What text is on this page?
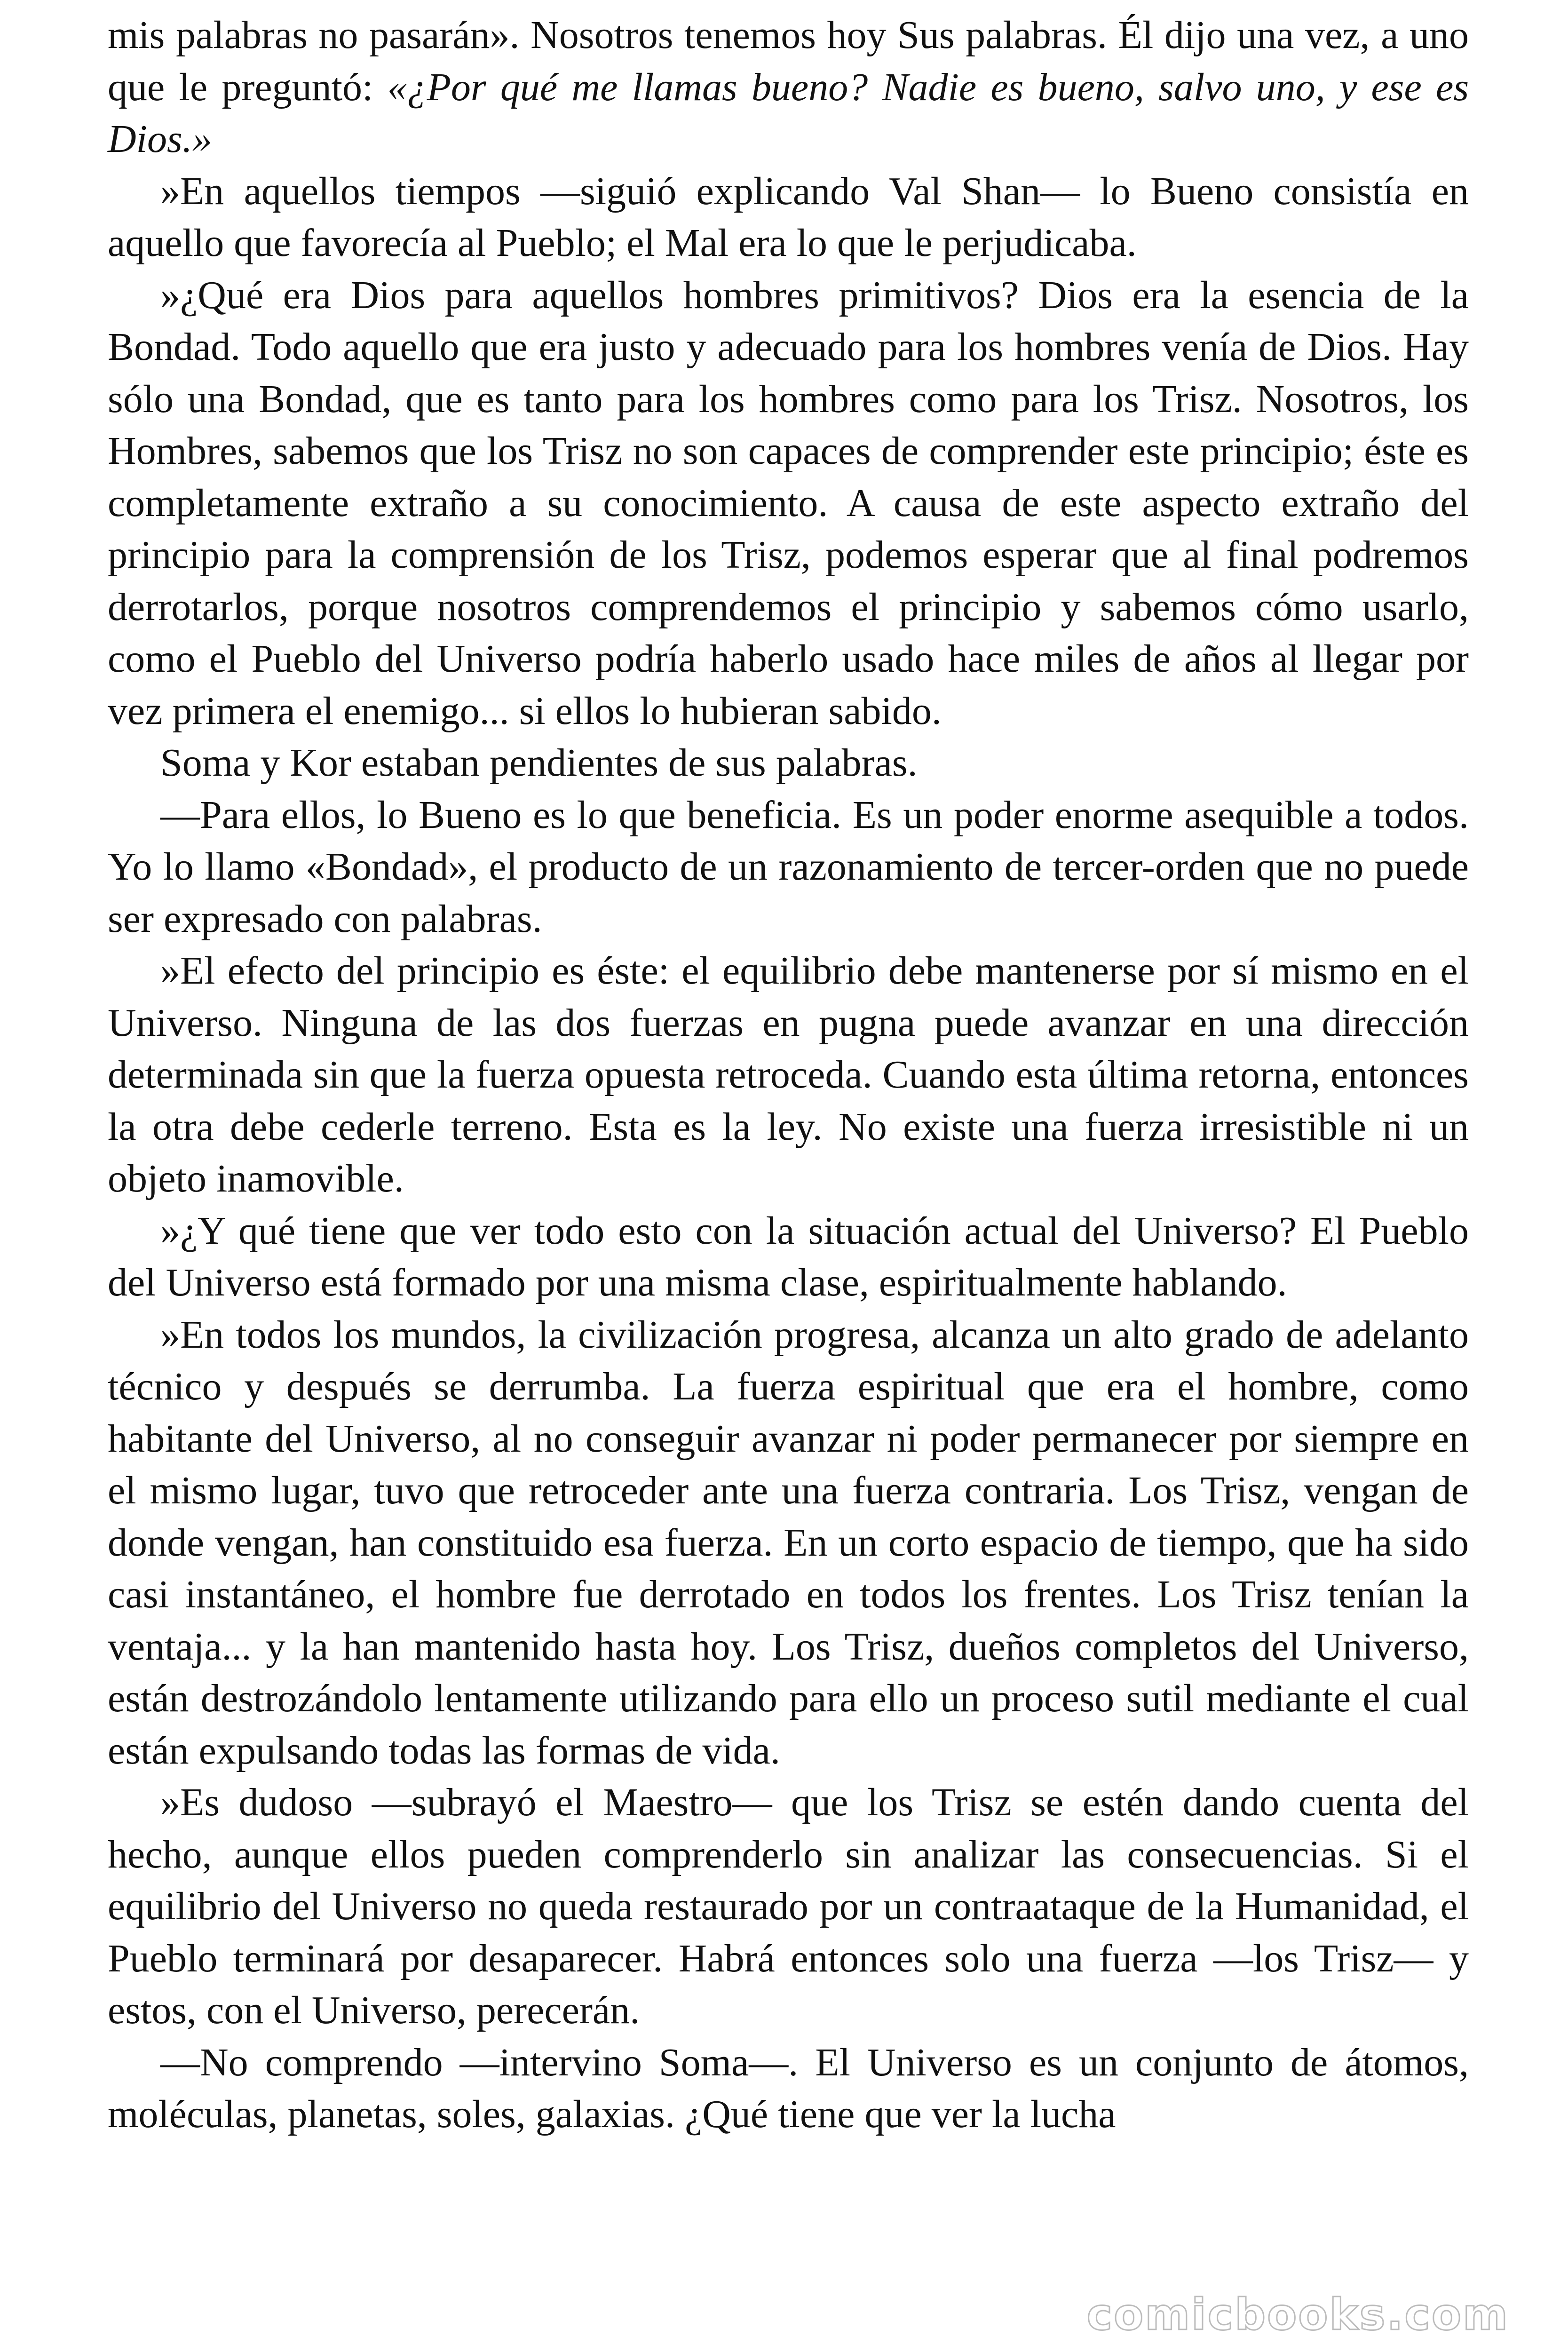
mis palabras no pasarán». Nosotros tenemos hoy Sus palabras. Él dijo una vez, a uno que le preguntó: «¿Por qué me llamas bueno? Nadie es bueno, salvo uno, y ese es Dios.»

»En aquellos tiempos —siguió explicando Val Shan— lo Bueno consistía en aquello que favorecía al Pueblo; el Mal era lo que le perjudicaba.

»¿Qué era Dios para aquellos hombres primitivos? Dios era la esencia de la Bondad. Todo aquello que era justo y adecuado para los hombres venía de Dios. Hay sólo una Bondad, que es tanto para los hombres como para los Trisz. Nosotros, los Hombres, sabemos que los Trisz no son capaces de comprender este principio; éste es completamente extraño a su conocimiento. A causa de este aspecto extraño del principio para la comprensión de los Trisz, podemos esperar que al final podremos derrotarlos, porque nosotros comprendemos el principio y sabemos cómo usarlo, como el Pueblo del Universo podría haberlo usado hace miles de años al llegar por vez primera el enemigo... si ellos lo hubieran sabido.

Soma y Kor estaban pendientes de sus palabras.

—Para ellos, lo Bueno es lo que beneficia. Es un poder enorme asequible a todos. Yo lo llamo «Bondad», el producto de un razonamiento de tercer-orden que no puede ser expresado con palabras.

»El efecto del principio es éste: el equilibrio debe mantenerse por sí mismo en el Universo. Ninguna de las dos fuerzas en pugna puede avanzar en una dirección determinada sin que la fuerza opuesta retroceda. Cuando esta última retorna, entonces la otra debe cederle terreno. Esta es la ley. No existe una fuerza irresistible ni un objeto inamovible.

»¿Y qué tiene que ver todo esto con la situación actual del Universo? El Pueblo del Universo está formado por una misma clase, espiritualmente hablando.

»En todos los mundos, la civilización progresa, alcanza un alto grado de adelanto técnico y después se derrumba. La fuerza espiritual que era el hombre, como habitante del Universo, al no conseguir avanzar ni poder permanecer por siempre en el mismo lugar, tuvo que retroceder ante una fuerza contraria. Los Trisz, vengan de donde vengan, han constituido esa fuerza. En un corto espacio de tiempo, que ha sido casi instantáneo, el hombre fue derrotado en todos los frentes. Los Trisz tenían la ventaja... y la han mantenido hasta hoy. Los Trisz, dueños completos del Universo, están destrozándolo lentamente utilizando para ello un proceso sutil mediante el cual están expulsando todas las formas de vida.

»Es dudoso —subrayó el Maestro— que los Trisz se estén dando cuenta del hecho, aunque ellos pueden comprenderlo sin analizar las consecuencias. Si el equilibrio del Universo no queda restaurado por un contraataque de la Humanidad, el Pueblo terminará por desaparecer. Habrá entonces solo una fuerza —los Trisz— y estos, con el Universo, perecerán.

—No comprendo —intervino Soma—. El Universo es un conjunto de átomos, moléculas, planetas, soles, galaxias. ¿Qué tiene que ver la lucha

comicbooks.com
